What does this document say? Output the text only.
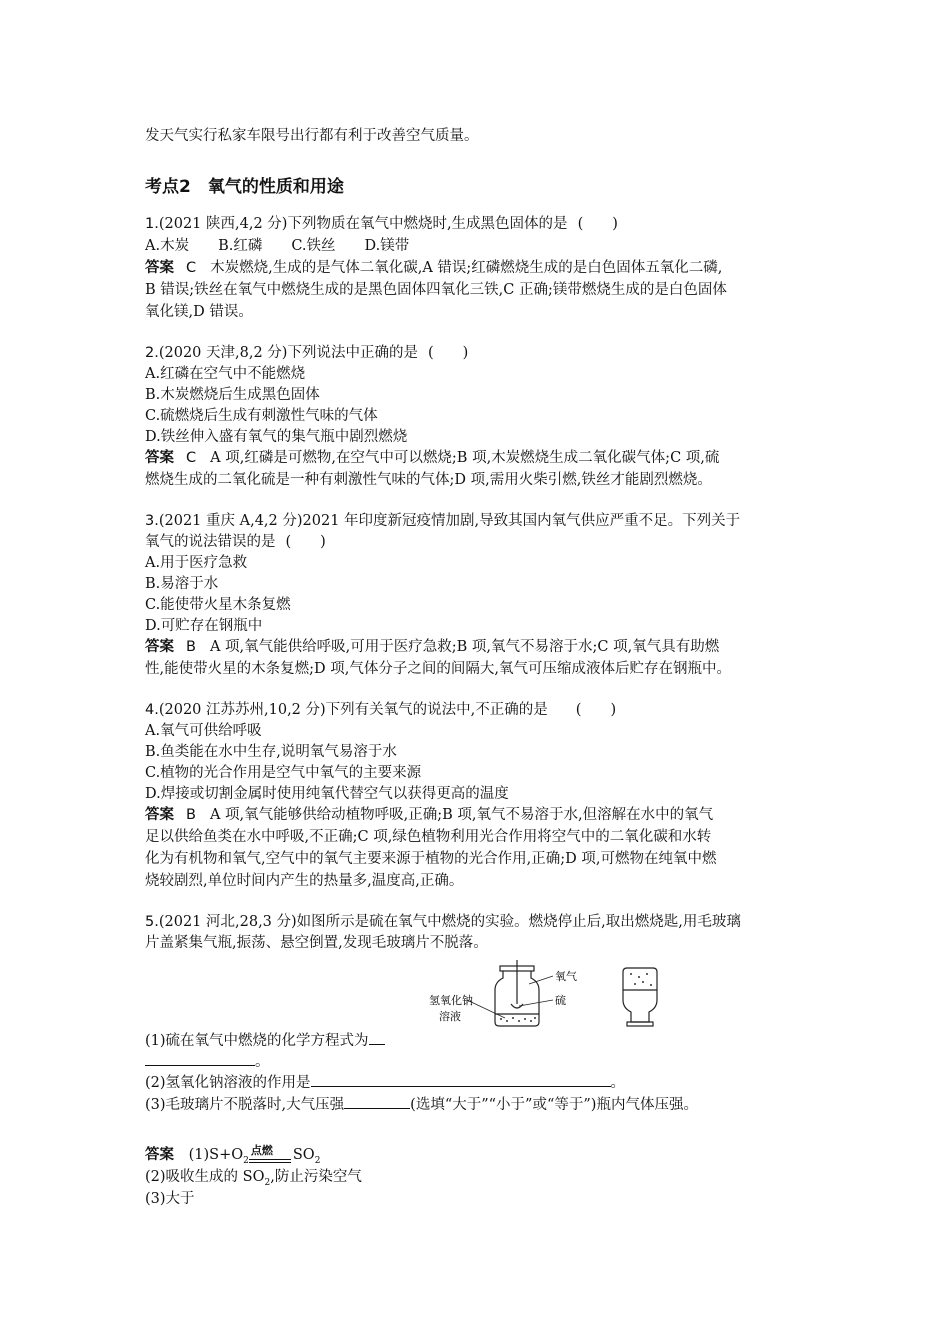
发天气实行私家车限号出行都有利于改善空气质量。
考点2　氧气的性质和用途
1.(2021 陕西,4,2 分)下列物质在氧气中燃烧时,生成黑色固体的是 (　　)
A.木炭　　B.红磷　　C.铁丝　　D.镁带
答案 C 木炭燃烧,生成的是气体二氧化碳,A 错误;红磷燃烧生成的是白色固体五氧化二磷,
B 错误;铁丝在氧气中燃烧生成的是黑色固体四氧化三铁,C 正确;镁带燃烧生成的是白色固体
氧化镁,D 错误。
2.(2020 天津,8,2 分)下列说法中正确的是 (　　)
A.红磷在空气中不能燃烧
B.木炭燃烧后生成黑色固体
C.硫燃烧后生成有刺激性气味的气体
D.铁丝伸入盛有氧气的集气瓶中剧烈燃烧
答案 C A 项,红磷是可燃物,在空气中可以燃烧;B 项,木炭燃烧生成二氧化碳气体;C 项,硫
燃烧生成的二氧化硫是一种有刺激性气味的气体;D 项,需用火柴引燃,铁丝才能剧烈燃烧。
3.(2021 重庆 A,4,2 分)2021 年印度新冠疫情加剧,导致其国内氧气供应严重不足。下列关于
氧气的说法错误的是 (　　)
A.用于医疗急救
B.易溶于水
C.能使带火星木条复燃
D.可贮存在钢瓶中
答案 B A 项,氧气能供给呼吸,可用于医疗急救;B 项,氧气不易溶于水;C 项,氧气具有助燃
性,能使带火星的木条复燃;D 项,气体分子之间的间隔大,氧气可压缩成液体后贮存在钢瓶中。
4.(2020 江苏苏州,10,2 分)下列有关氧气的说法中,不正确的是 (　　)
A.氧气可供给呼吸
B.鱼类能在水中生存,说明氧气易溶于水
C.植物的光合作用是空气中氧气的主要来源
D.焊接或切割金属时使用纯氧代替空气以获得更高的温度
答案 B A 项,氧气能够供给动植物呼吸,正确;B 项,氧气不易溶于水,但溶解在水中的氧气
足以供给鱼类在水中呼吸,不正确;C 项,绿色植物利用光合作用将空气中的二氧化碳和水转
化为有机物和氧气,空气中的氧气主要来源于植物的光合作用,正确;D 项,可燃物在纯氧中燃
烧较剧烈,单位时间内产生的热量多,温度高,正确。
5.(2021 河北,28,3 分)如图所示是硫在氧气中燃烧的实验。燃烧停止后,取出燃烧匙,用毛玻璃
片盖紧集气瓶,振荡、悬空倒置,发现毛玻璃片不脱落。
氢氧化钠
溶液
氧气
硫
(1)硫在氧气中燃烧的化学方程式为
。
(2)氢氧化钠溶液的作用是	。
(3)毛玻璃片不脱落时,大气压强	(选填“大于”“小于”或“等于”)瓶内气体压强。
答案 $(1)S+O_2$
点燃 $SO_2$
(2)吸收生成的 $SO_2$,防止污染空气
(3)大于
